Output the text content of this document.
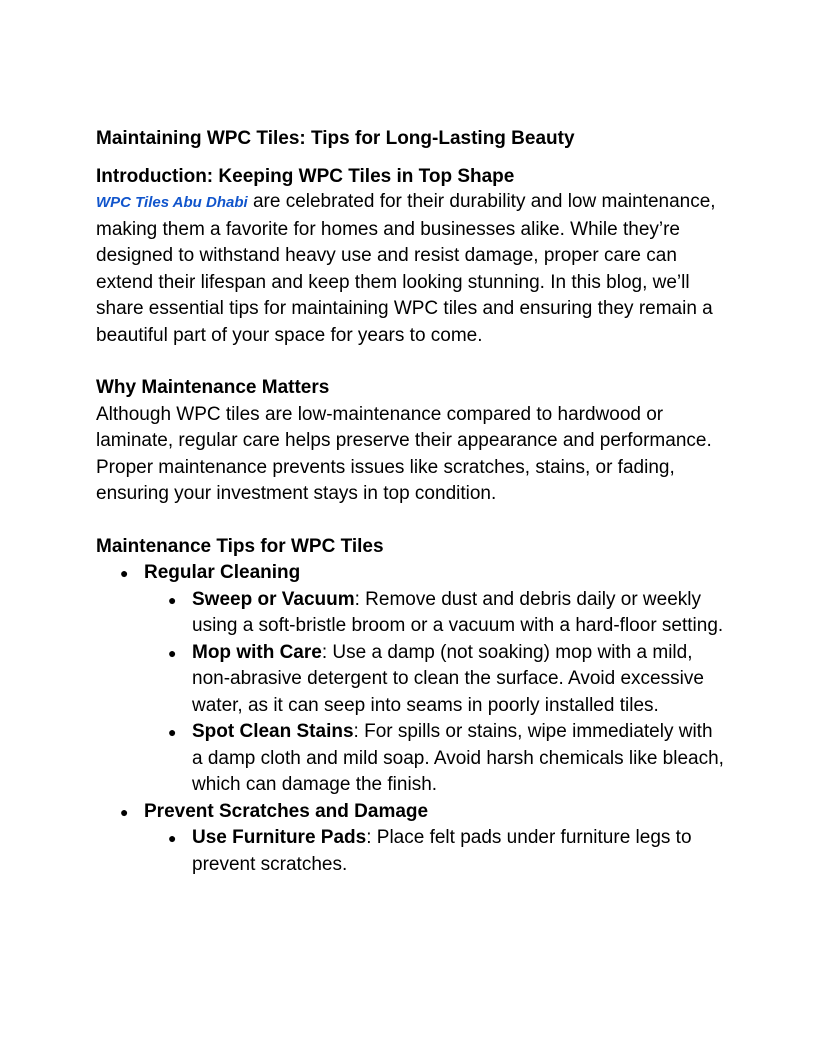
Maintaining WPC Tiles: Tips for Long-Lasting Beauty

Introduction: Keeping WPC Tiles in Top Shape

WPC Tiles Abu Dhabi are celebrated for their durability and low maintenance, making them a favorite for homes and businesses alike. While they’re designed to withstand heavy use and resist damage, proper care can extend their lifespan and keep them looking stunning. In this blog, we’ll share essential tips for maintaining WPC tiles and ensuring they remain a beautiful part of your space for years to come.

Why Maintenance Matters

Although WPC tiles are low-maintenance compared to hardwood or laminate, regular care helps preserve their appearance and performance. Proper maintenance prevents issues like scratches, stains, or fading, ensuring your investment stays in top condition.

Maintenance Tips for WPC Tiles
● Regular Cleaning
● Sweep or Vacuum: Remove dust and debris daily or weekly using a soft-bristle broom or a vacuum with a hard-floor setting.
● Mop with Care: Use a damp (not soaking) mop with a mild, non-abrasive detergent to clean the surface. Avoid excessive water, as it can seep into seams in poorly installed tiles.
● Spot Clean Stains: For spills or stains, wipe immediately with a damp cloth and mild soap. Avoid harsh chemicals like bleach, which can damage the finish.
● Prevent Scratches and Damage
● Use Furniture Pads: Place felt pads under furniture legs to prevent scratches.
